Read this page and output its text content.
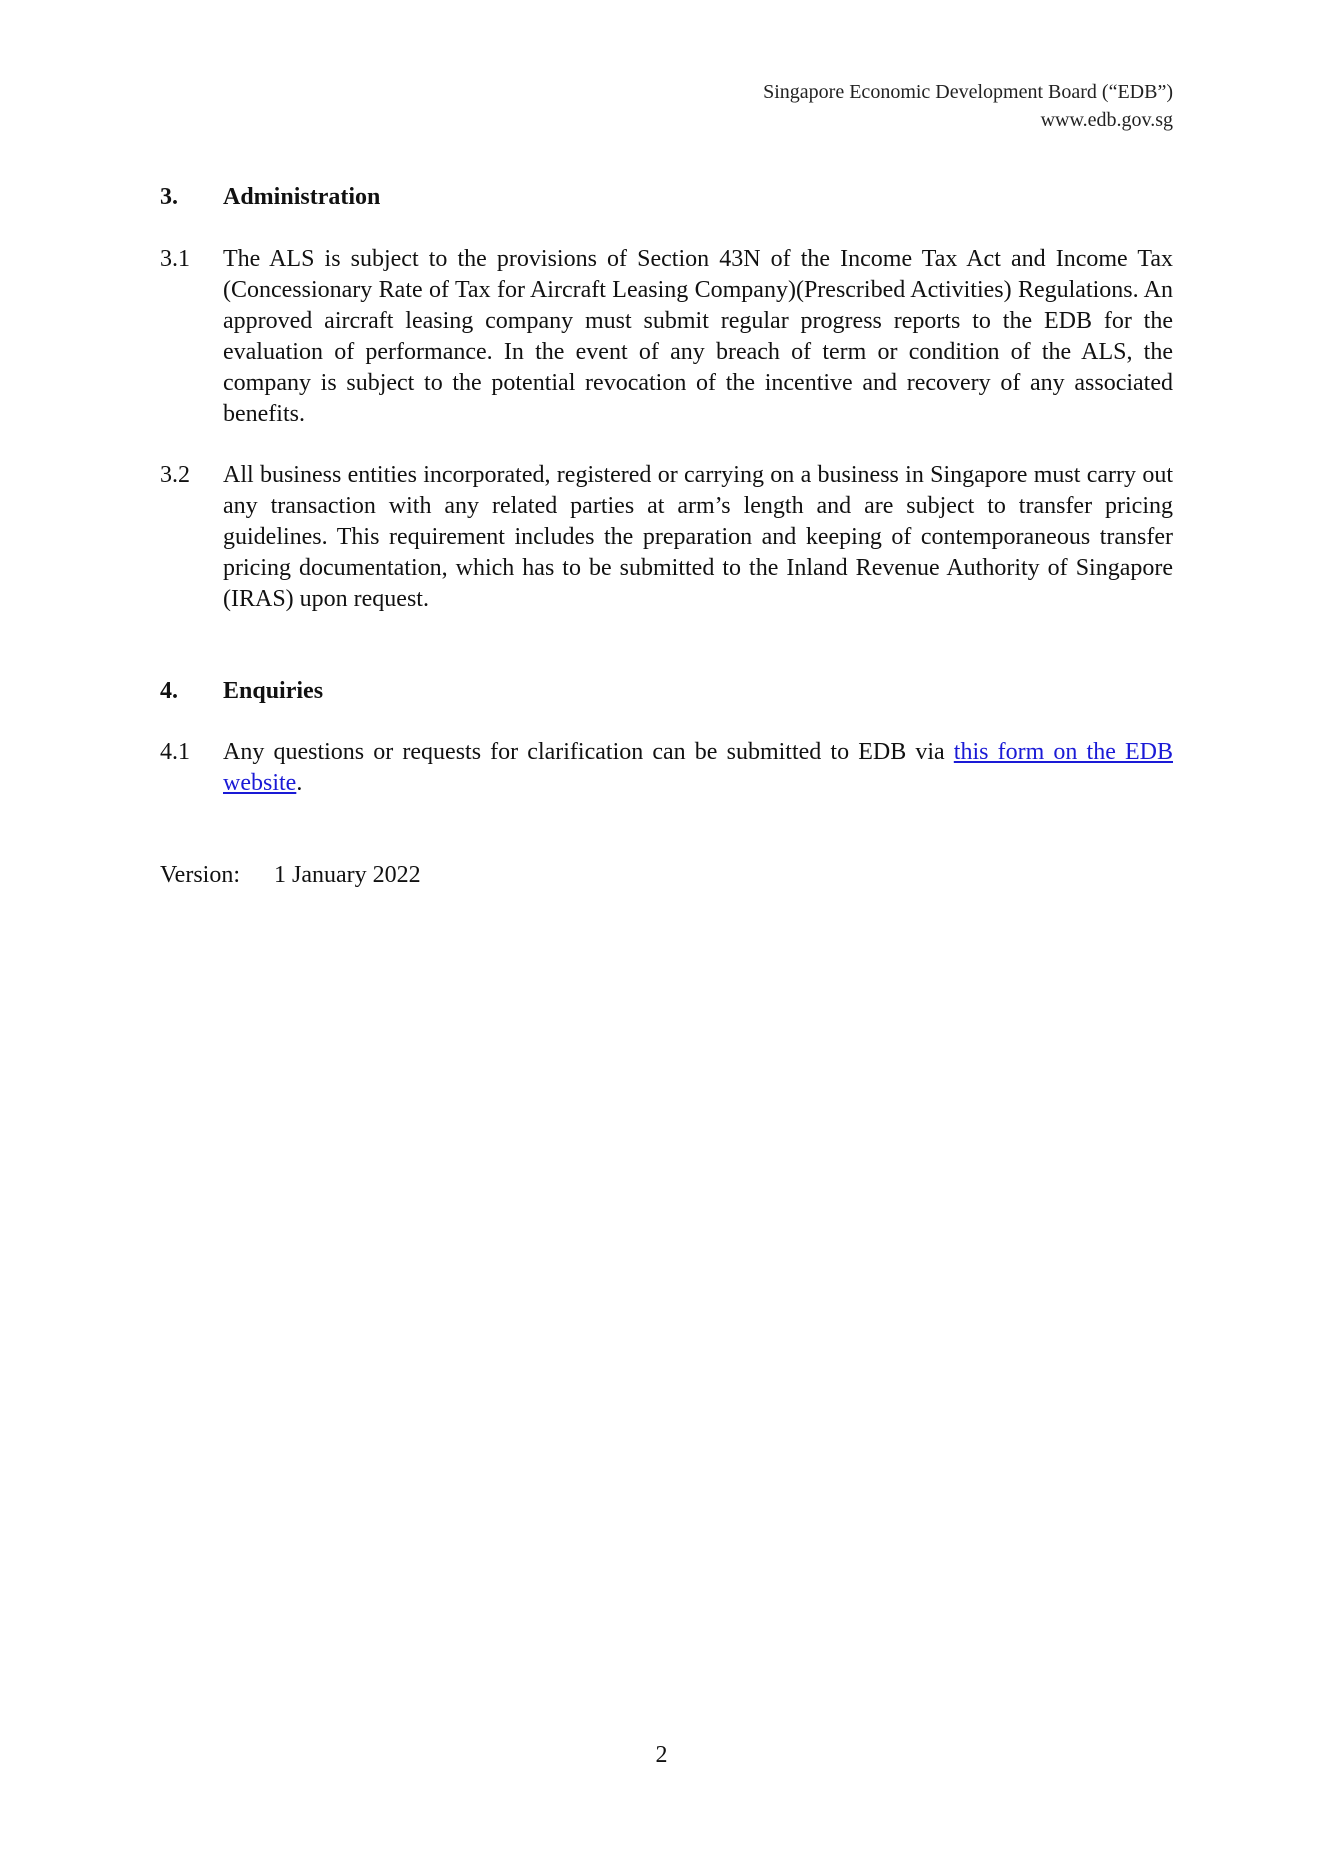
Singapore Economic Development Board (“EDB”)
www.edb.gov.sg
3. Administration
3.1	The ALS is subject to the provisions of Section 43N of the Income Tax Act and Income Tax (Concessionary Rate of Tax for Aircraft Leasing Company)(Prescribed Activities) Regulations. An approved aircraft leasing company must submit regular progress reports to the EDB for the evaluation of performance. In the event of any breach of term or condition of the ALS, the company is subject to the potential revocation of the incentive and recovery of any associated benefits.
3.2	All business entities incorporated, registered or carrying on a business in Singapore must carry out any transaction with any related parties at arm’s length and are subject to transfer pricing guidelines. This requirement includes the preparation and keeping of contemporaneous transfer pricing documentation, which has to be submitted to the Inland Revenue Authority of Singapore (IRAS) upon request.
4. Enquiries
4.1	Any questions or requests for clarification can be submitted to EDB via this form on the EDB website.
Version: 1 January 2022
2
